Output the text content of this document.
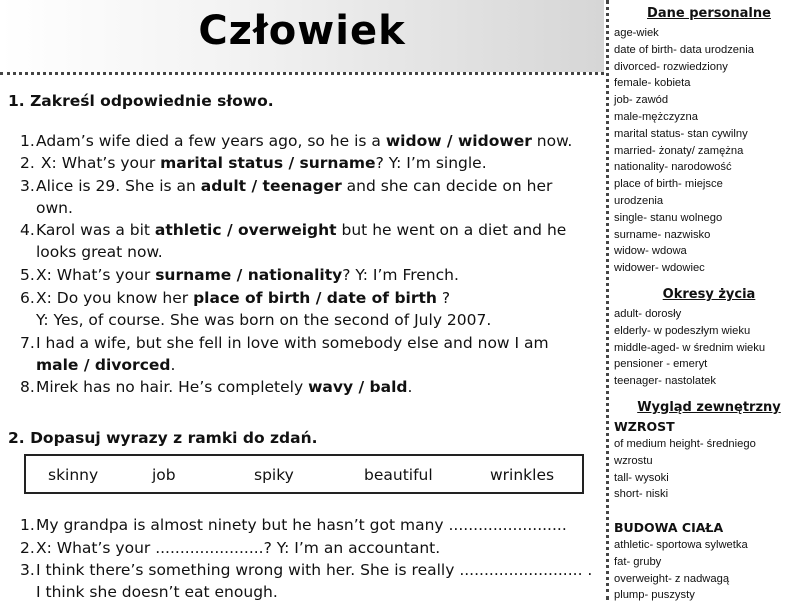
Człowiek
1. Zakreśl odpowiednie słowo.
1.Adam’s wife died a few years ago, so he is a widow / widower now.
2. X: What’s your marital status / surname? Y: I’m single.
3.Alice is 29. She is an adult / teenager and she can decide on her
own.
4.Karol was a bit athletic / overweight but he went on a diet and he
looks great now.
5.X: What’s your surname / nationality? Y: I’m French.
6.X: Do you know her place of birth / date of birth ?
Y: Yes, of course. She was born on the second of July 2007.
7.I had a wife, but she fell in love with somebody else and now I am
male / divorced.
8.Mirek has no hair. He’s completely wavy / bald.
2. Dopasuj wyrazy z ramki do zdań.
skinny	job	spiky	beautiful	wrinkles
1.My grandpa is almost ninety but he hasn’t got many ........................
2.X: What’s your ......................? Y: I’m an accountant.
3.I think there’s something wrong with her. She is really ......................... .
I think she doesn’t eat enough.
Dane personalne
age-wiek
date of birth- data urodzenia
divorced- rozwiedziony
female- kobieta
job- zawód
male-mężczyzna
marital status- stan cywilny
married- żonaty/ zamężna
nationality- narodowość
place of birth- miejsce
urodzenia
single- stanu wolnego
surname- nazwisko
widow- wdowa
widower- wdowiec
Okresy życia
adult- dorosły
elderly- w podeszłym wieku
middle-aged- w średnim wieku
pensioner - emeryt
teenager- nastolatek
Wygląd zewnętrzny
WZROST
of medium height- średniego
wzrostu
tall- wysoki
short- niski
BUDOWA CIAŁA
athletic- sportowa sylwetka
fat- gruby
overweight- z nadwagą
plump- puszysty
